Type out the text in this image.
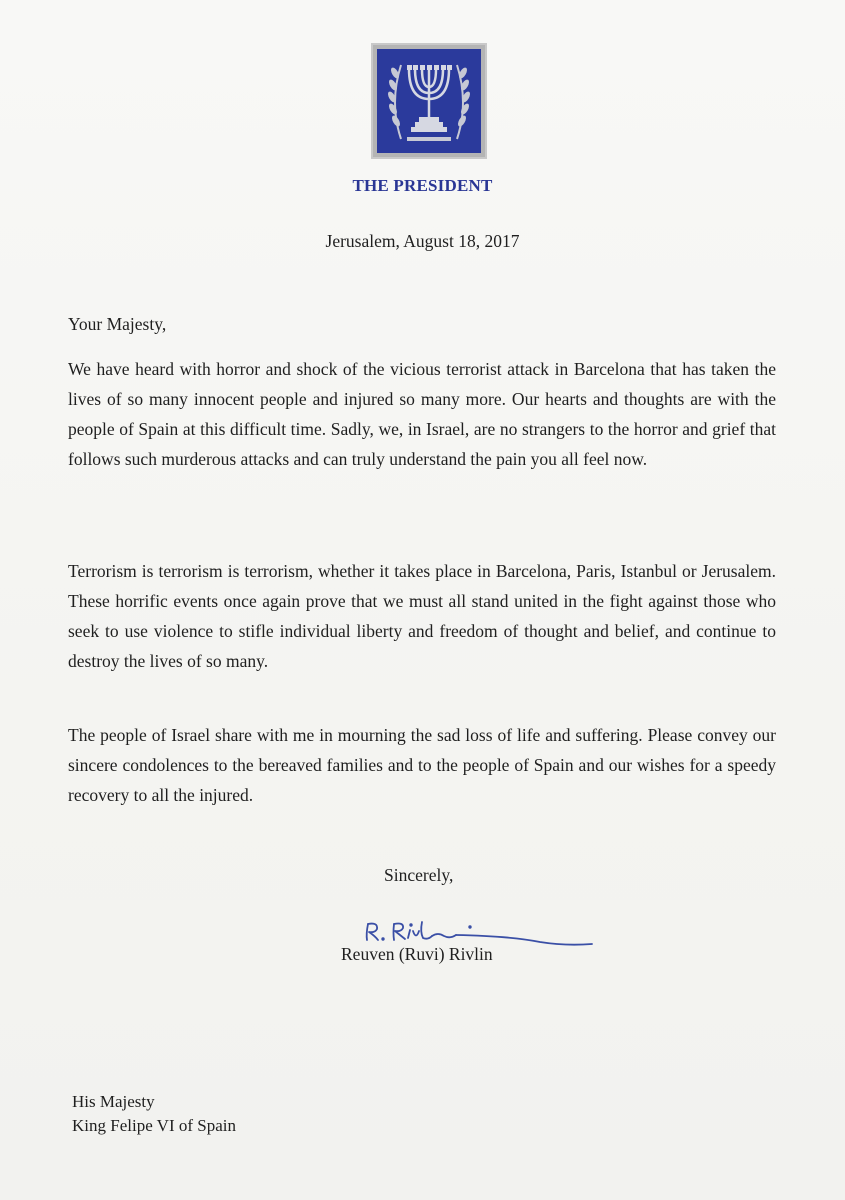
THE PRESIDENT
Jerusalem, August 18, 2017
Your Majesty,
We have heard with horror and shock of the vicious terrorist attack in Barcelona that has taken the lives of so many innocent people and injured so many more. Our hearts and thoughts are with the people of Spain at this difficult time. Sadly, we, in Israel, are no strangers to the horror and grief that follows such murderous attacks and can truly understand the pain you all feel now.
Terrorism is terrorism is terrorism, whether it takes place in Barcelona, Paris, Istanbul or Jerusalem. These horrific events once again prove that we must all stand united in the fight against those who seek to use violence to stifle individual liberty and freedom of thought and belief, and continue to destroy the lives of so many.
The people of Israel share with me in mourning the sad loss of life and suffering. Please convey our sincere condolences to the bereaved families and to the people of Spain and our wishes for a speedy recovery to all the injured.
Sincerely,
Reuven (Ruvi) Rivlin
His Majesty
King Felipe VI of Spain
